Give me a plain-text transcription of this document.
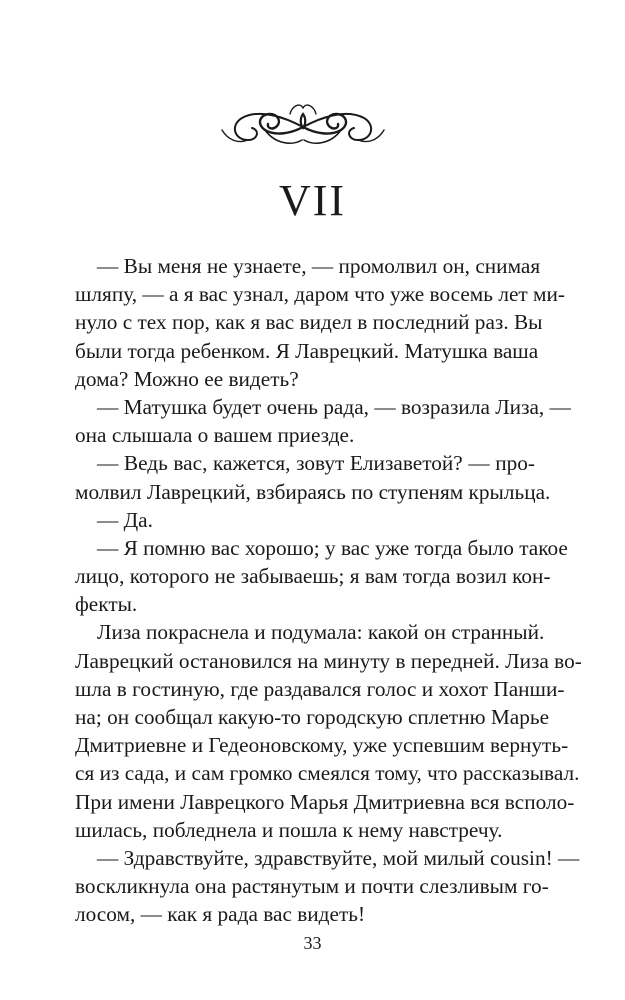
VII
— Вы меня не узнаете, — промолвил он, снимая
шляпу, — а я вас узнал, даром что уже восемь лет ми-
нуло с тех пор, как я вас видел в последний раз. Вы
были тогда ребенком. Я Лаврецкий. Матушка ваша
дома? Можно ее видеть?
— Матушка будет очень рада, — возразила Лиза, —
она слышала о вашем приезде.
— Ведь вас, кажется, зовут Елизаветой? — про-
молвил Лаврецкий, взбираясь по ступеням крыльца.
— Да.
— Я помню вас хорошо; у вас уже тогда было такое
лицо, которого не забываешь; я вам тогда возил кон-
фекты.
Лиза покраснела и подумала: какой он странный.
Лаврецкий остановился на минуту в передней. Лиза во-
шла в гостиную, где раздавался голос и хохот Панши-
на; он сообщал какую-то городскую сплетню Марье
Дмитриевне и Гедеоновскому, уже успевшим вернуть-
ся из сада, и сам громко смеялся тому, что рассказывал.
При имени Лаврецкого Марья Дмитриевна вся всполо-
шилась, побледнела и пошла к нему навстречу.
— Здравствуйте, здравствуйте, мой милый cousin! —
воскликнула она растянутым и почти слезливым го-
лосом, — как я рада вас видеть!
33
